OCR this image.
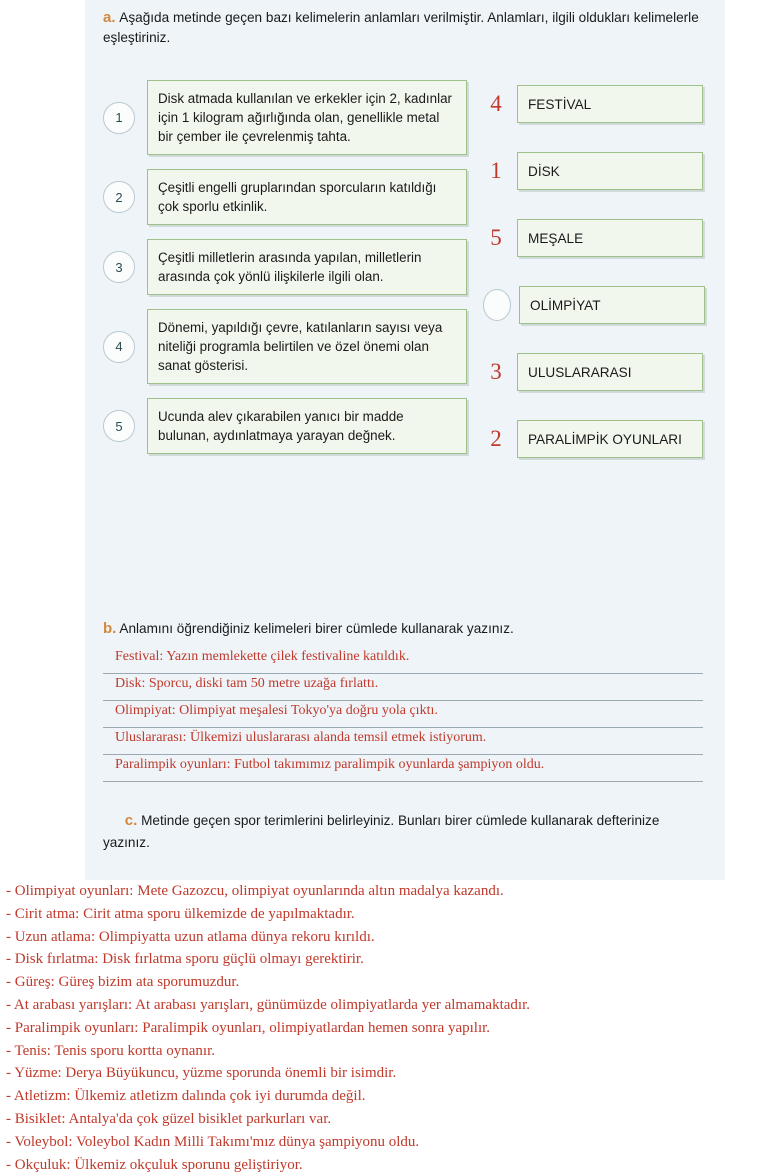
a. Aşağıda metinde geçen bazı kelimelerin anlamları verilmiştir. Anlamları, ilgili oldukları kelimelerle eşleştiriniz.
1
Disk atmada kullanılan ve erkekler için 2, kadınlar için 1 kilogram ağırlığında olan, genellikle metal bir çember ile çevrelenmiş tahta.
2
Çeşitli engelli gruplarından sporcuların katıldığı çok sporlu etkinlik.
3
Çeşitli milletlerin arasında yapılan, milletlerin arasında çok yönlü ilişkilerle ilgili olan.
4
Dönemi, yapıldığı çevre, katılanların sayısı veya niteliği programla belirtilen ve özel önemi olan sanat gösterisi.
5
Ucunda alev çıkarabilen yanıcı bir madde bulunan, aydınlatmaya yarayan değnek.
4	FESTİVAL
1	DİSK
5	MEŞALE
OLİMPİYAT
3	ULUSLARARASI
2	PARALİMPİK OYUNLARI
b. Anlamını öğrendiğiniz kelimeleri birer cümlede kullanarak yazınız.
Festival: Yazın memlekette çilek festivaline katıldık.
Disk: Sporcu, diski tam 50 metre uzağa fırlattı.
Olimpiyat: Olimpiyat meşalesi Tokyo'ya doğru yola çıktı.
Uluslararası: Ülkemizi uluslararası alanda temsil etmek istiyorum.
Paralimpik oyunları: Futbol takımımız paralimpik oyunlarda şampiyon oldu.
c. Metinde geçen spor terimlerini belirleyiniz. Bunları birer cümlede kullanarak defterinize yazınız.
- Olimpiyat oyunları: Mete Gazozcu, olimpiyat oyunlarında altın madalya kazandı.
- Cirit atma: Cirit atma sporu ülkemizde de yapılmaktadır.
- Uzun atlama: Olimpiyatta uzun atlama dünya rekoru kırıldı.
- Disk fırlatma: Disk fırlatma sporu güçlü olmayı gerektirir.
- Güreş: Güreş bizim ata sporumuzdur.
- At arabası yarışları: At arabası yarışları, günümüzde olimpiyatlarda yer almamaktadır.
- Paralimpik oyunları: Paralimpik oyunları, olimpiyatlardan hemen sonra yapılır.
- Tenis: Tenis sporu kortta oynanır.
- Yüzme: Derya Büyükuncu, yüzme sporunda önemli bir isimdir.
- Atletizm: Ülkemiz atletizm dalında çok iyi durumda değil.
- Bisiklet: Antalya'da çok güzel bisiklet parkurları var.
- Voleybol: Voleybol Kadın Milli Takımı'mız dünya şampiyonu oldu.
- Okçuluk: Ülkemiz okçuluk sporunu geliştiriyor.
